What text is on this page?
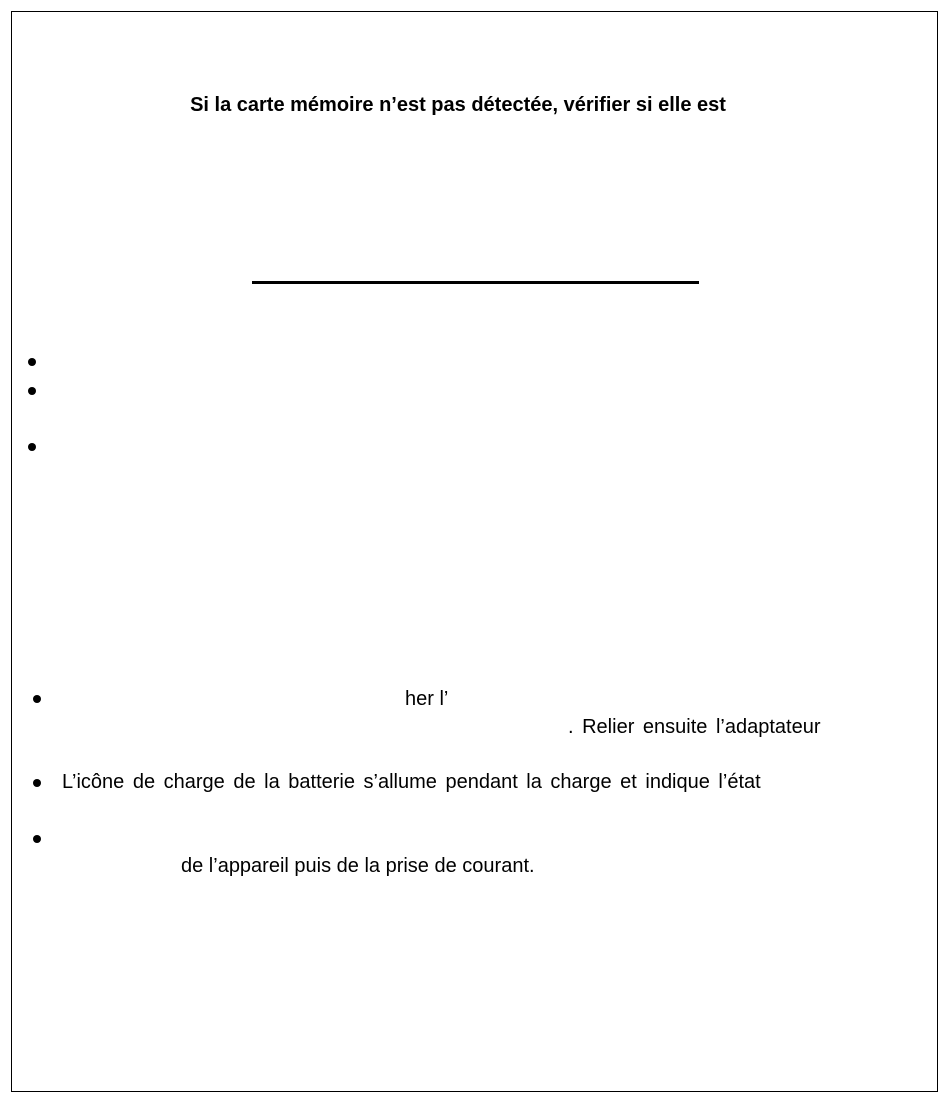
Si la carte mémoire n’est pas détectée, vérifier si elle est
her l’
. Relier ensuite l’adaptateur
L’icône de charge de la batterie s’allume pendant la charge et indique l’état
de l’appareil puis de la prise de courant.
